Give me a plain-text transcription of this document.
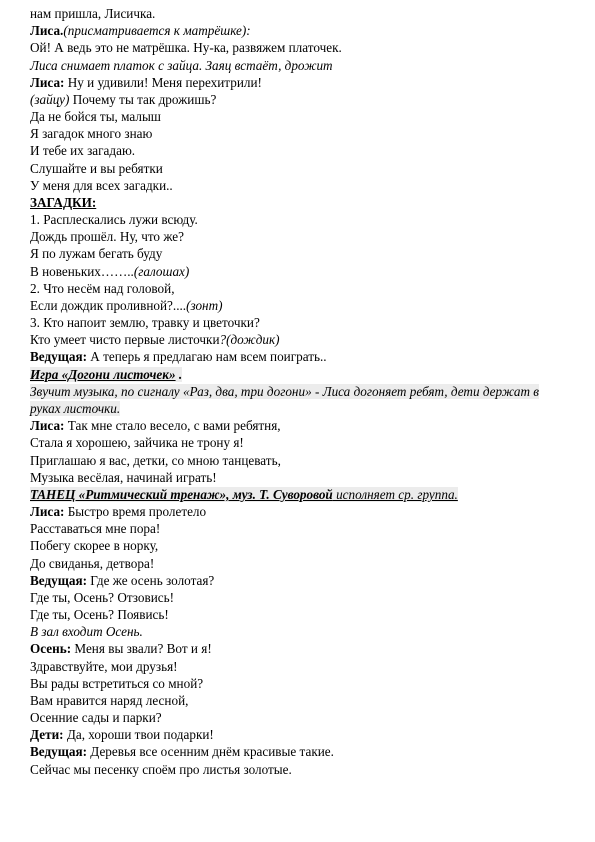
нам пришла, Лисичка.
Лиса.(присматривается к матрёшке):
Ой! А ведь это не матрёшка. Ну-ка, развяжем платочек.
Лиса снимает платок с зайца. Заяц встаёт, дрожит
Лиса: Ну и удивили! Меня перехитрили!
(зайцу) Почему ты так дрожишь?
Да не бойся ты, малыш
Я загадок много знаю
И тебе их загадаю.
Слушайте и вы ребятки
У меня для всех загадки..
ЗАГАДКИ:
1. Расплескались лужи всюду.
Дождь прошёл. Ну, что же?
Я по лужам бегать буду
В новеньких……..(галошах)
2. Что несём над головой,
Если дождик проливной?....(зонт)
3. Кто напоит землю, травку и цветочки?
Кто умеет чисто первые листочки?(дождик)
Ведущая: А теперь я предлагаю нам всем поиграть..
Игра «Догони листочек» .
Звучит музыка, по сигналу «Раз, два, три догони» - Лиса догоняет ребят, дети держат в руках листочки.
Лиса: Так мне стало весело, с вами ребятня,
Стала я хорошею, зайчика не трону я!
Приглашаю я вас, детки, со мною танцевать,
Музыка весёлая, начинай играть!
ТАНЕЦ «Ритмический тренаж», муз. Т. Суворовой исполняет ср. группа.
Лиса: Быстро время пролетело
Расставаться мне пора!
Побегу скорее в норку,
До свиданья, детвора!
Ведущая: Где же осень золотая?
Где ты, Осень? Отзовись!
Где ты, Осень? Появись!
В зал входит Осень.
Осень: Меня вы звали? Вот и я!
Здравствуйте, мои друзья!
Вы рады встретиться со мной?
Вам нравится наряд лесной,
Осенние сады и парки?
Дети: Да, хороши твои подарки!
Ведущая: Деревья все осенним днём красивые такие.
Сейчас мы песенку споём про листья золотые.
